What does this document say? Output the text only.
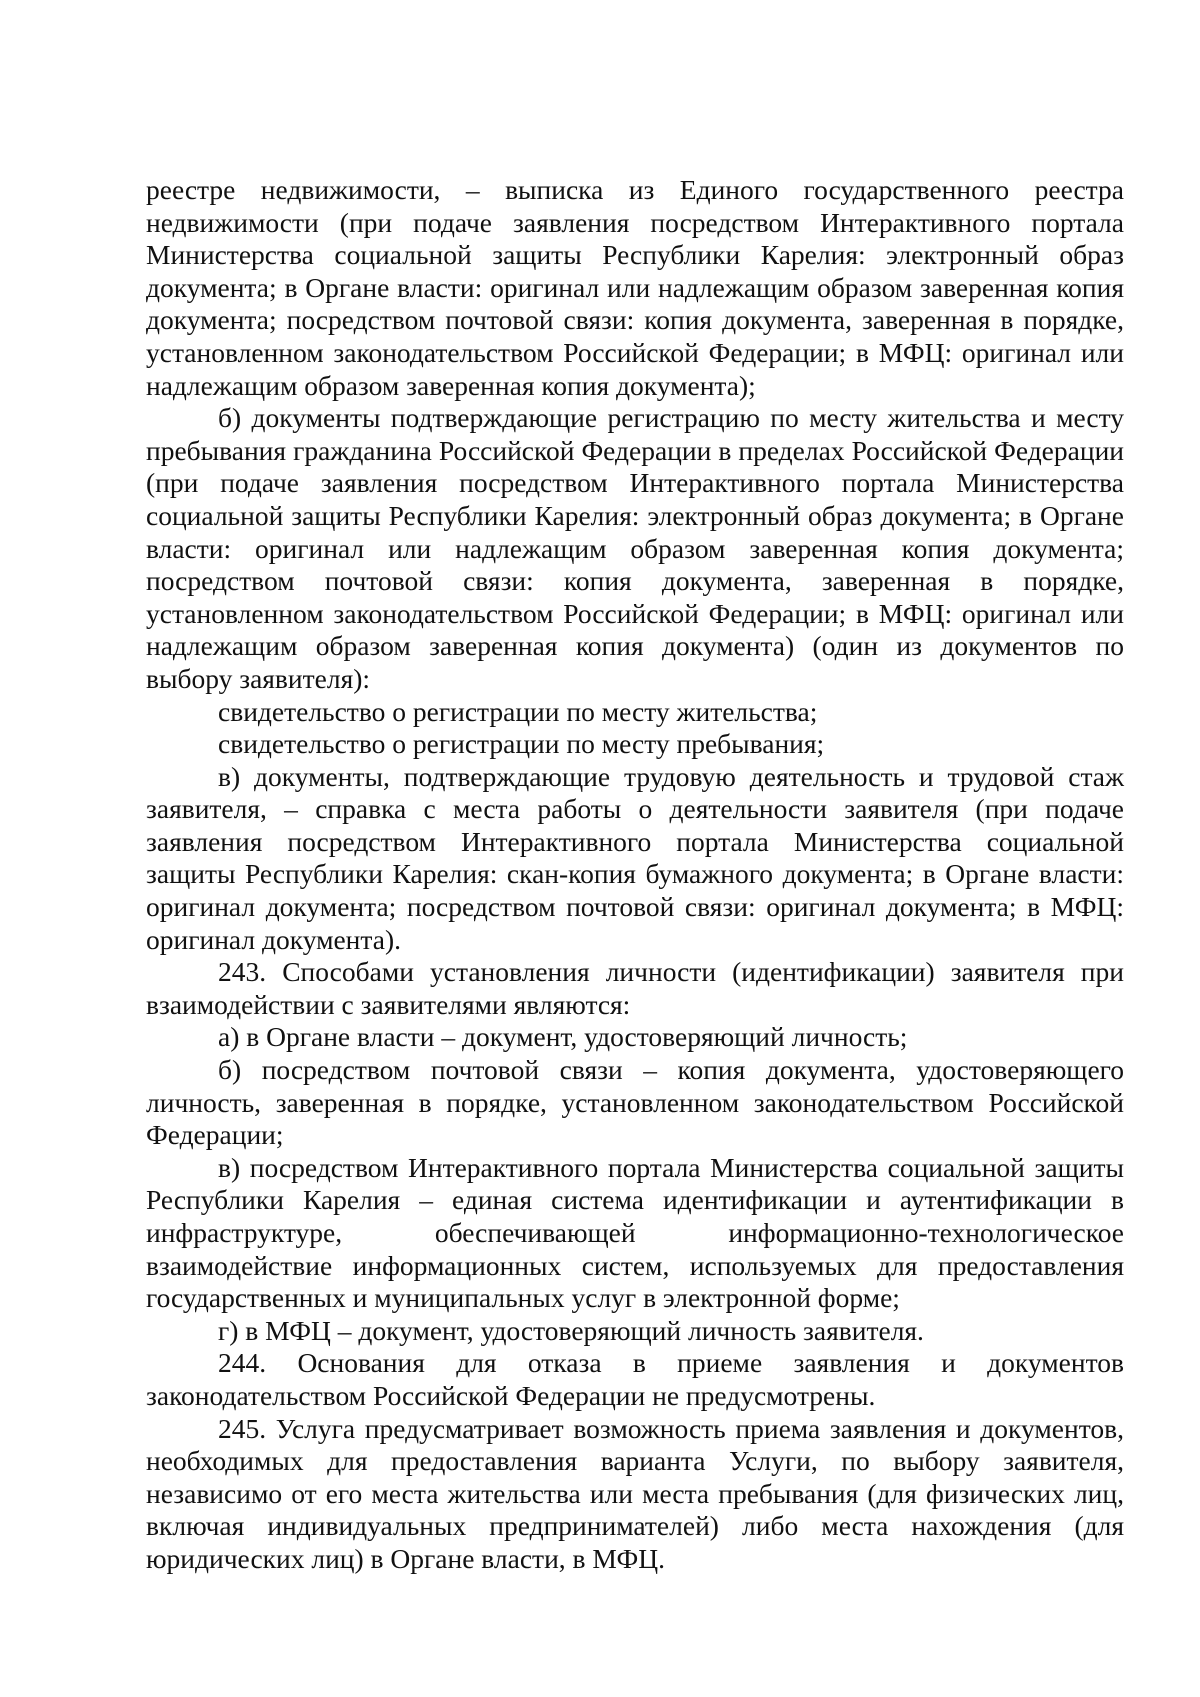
реестре недвижимости, – выписка из Единого государственного реестра недвижимости (при подаче заявления посредством Интерактивного портала Министерства социальной защиты Республики Карелия: электронный образ документа; в Органе власти: оригинал или надлежащим образом заверенная копия документа; посредством почтовой связи: копия документа, заверенная в порядке, установленном законодательством Российской Федерации; в МФЦ: оригинал или надлежащим образом заверенная копия документа);

б) документы подтверждающие регистрацию по месту жительства и месту пребывания гражданина Российской Федерации в пределах Российской Федерации (при подаче заявления посредством Интерактивного портала Министерства социальной защиты Республики Карелия: электронный образ документа; в Органе власти: оригинал или надлежащим образом заверенная копия документа; посредством почтовой связи: копия документа, заверенная в порядке, установленном законодательством Российской Федерации; в МФЦ: оригинал или надлежащим образом заверенная копия документа) (один из документов по выбору заявителя):

свидетельство о регистрации по месту жительства;

свидетельство о регистрации по месту пребывания;

в) документы, подтверждающие трудовую деятельность и трудовой стаж заявителя, – справка с места работы о деятельности заявителя (при подаче заявления посредством Интерактивного портала Министерства социальной защиты Республики Карелия: скан-копия бумажного документа; в Органе власти: оригинал документа; посредством почтовой связи: оригинал документа; в МФЦ: оригинал документа).

243. Способами установления личности (идентификации) заявителя при взаимодействии с заявителями являются:

а) в Органе власти – документ, удостоверяющий личность;

б) посредством почтовой связи – копия документа, удостоверяющего личность, заверенная в порядке, установленном законодательством Российской Федерации;

в) посредством Интерактивного портала Министерства социальной защиты Республики Карелия – единая система идентификации и аутентификации в инфраструктуре, обеспечивающей информационно-технологическое взаимодействие информационных систем, используемых для предоставления государственных и муниципальных услуг в электронной форме;

г) в МФЦ – документ, удостоверяющий личность заявителя.

244. Основания для отказа в приеме заявления и документов законодательством Российской Федерации не предусмотрены.

245. Услуга предусматривает возможность приема заявления и документов, необходимых для предоставления варианта Услуги, по выбору заявителя, независимо от его места жительства или места пребывания (для физических лиц, включая индивидуальных предпринимателей) либо места нахождения (для юридических лиц) в Органе власти, в МФЦ.
